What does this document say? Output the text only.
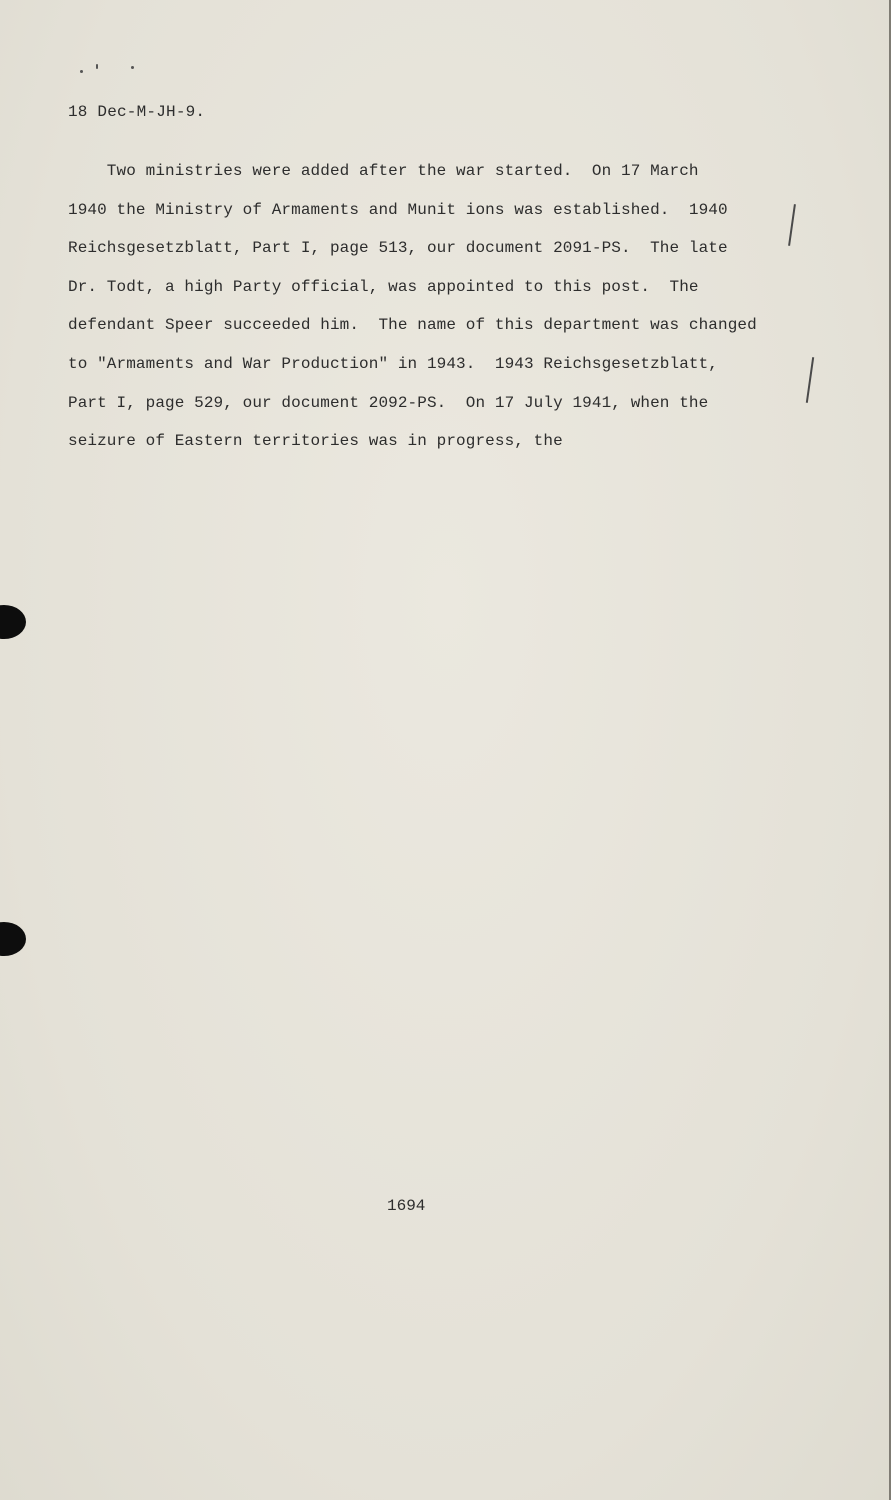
18 Dec-M-JH-9.
Two ministries were added after the war started.  On 17 March
1940 the Ministry of Armaments and Munit ions was established.  1940
Reichsgesetzblatt, Part I, page 513, our document 2091-PS.  The late
Dr. Todt, a high Party official, was appointed to this post.  The
defendant Speer succeeded him.  The name of this department was changed
to "Armaments and War Production" in 1943.  1943 Reichsgesetzblatt,
Part I, page 529, our document 2092-PS.  On 17 July 1941, when the
seizure of Eastern territories was in progress, the
1694
